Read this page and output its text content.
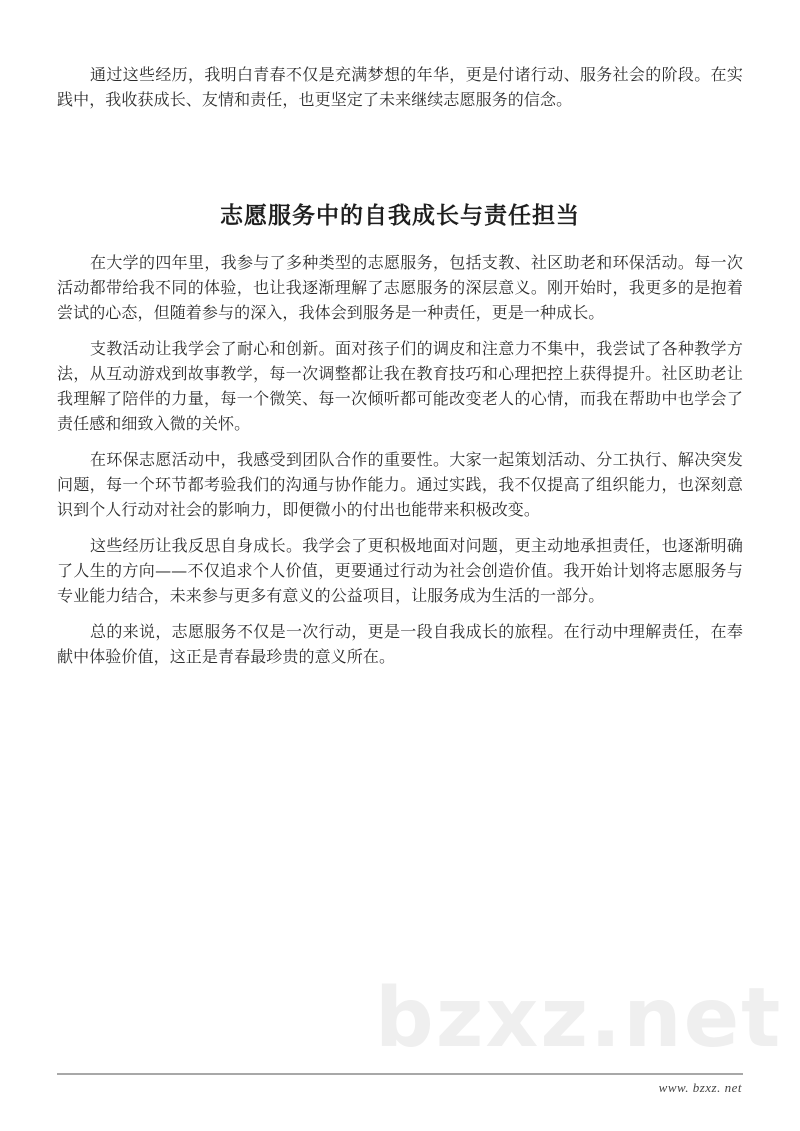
通过这些经历，我明白青春不仅是充满梦想的年华，更是付诸行动、服务社会的阶段。在实践中，我收获成长、友情和责任，也更坚定了未来继续志愿服务的信念。

志愿服务中的自我成长与责任担当

在大学的四年里，我参与了多种类型的志愿服务，包括支教、社区助老和环保活动。每一次活动都带给我不同的体验，也让我逐渐理解了志愿服务的深层意义。刚开始时，我更多的是抱着尝试的心态，但随着参与的深入，我体会到服务是一种责任，更是一种成长。

支教活动让我学会了耐心和创新。面对孩子们的调皮和注意力不集中，我尝试了各种教学方法，从互动游戏到故事教学，每一次调整都让我在教育技巧和心理把控上获得提升。社区助老让我理解了陪伴的力量，每一个微笑、每一次倾听都可能改变老人的心情，而我在帮助中也学会了责任感和细致入微的关怀。

在环保志愿活动中，我感受到团队合作的重要性。大家一起策划活动、分工执行、解决突发问题，每一个环节都考验我们的沟通与协作能力。通过实践，我不仅提高了组织能力，也深刻意识到个人行动对社会的影响力，即便微小的付出也能带来积极改变。

这些经历让我反思自身成长。我学会了更积极地面对问题，更主动地承担责任，也逐渐明确了人生的方向——不仅追求个人价值，更要通过行动为社会创造价值。我开始计划将志愿服务与专业能力结合，未来参与更多有意义的公益项目，让服务成为生活的一部分。

总的来说，志愿服务不仅是一次行动，更是一段自我成长的旅程。在行动中理解责任，在奉献中体验价值，这正是青春最珍贵的意义所在。

bzxz.net
www. bzxz. net
